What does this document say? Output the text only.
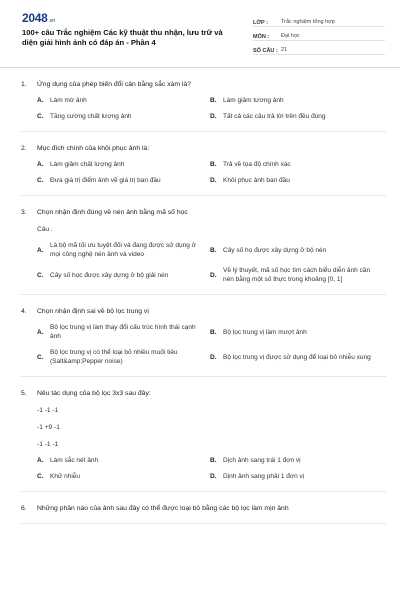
2048.vn
100+ câu Trắc nghiệm Các kỹ thuật thu nhận, lưu trữ và diện giải hình ảnh có đáp án - Phần 4
LỚP :	Trắc nghiệm tổng hợp
MÔN :	Đại học
SỐ CÂU : 21
1.	Ứng dụng của phép biến đổi cân bằng sắc xám là?
A.	Làm mờ ảnh	B.	Làm giảm tương ảnh
C.	Tăng cường chất lượng ảnh	D.	Tất cả các câu trả lời trên đều đúng
2.	Mục đích chính của khôi phục ảnh là:
A.	Làm giảm chất lượng ảnh	B.	Trả về tọa độ chính xác
C.	Đưa giá trị điểm ảnh về giá trị ban đầu	D.	Khôi phục ảnh ban đầu
3.	Chọn nhận định đúng về nén ảnh bằng mã số học
Câu .
A.
Là bộ mã tối ưu tuyệt đối và đang được sử dụng ở mọi công nghệ nén ảnh và video
B.	Cây số họ được xây dựng ở bộ nén
C.	Cây số học được xây dựng ở bộ giải nén	D.
Về lý thuyết, mã số học tìm cách biểu diễn ảnh cần nén bằng một số thực trong khoảng [0, 1]
4.	Chọn nhận định sai về bộ lọc trung vị
A.
Bộ lọc trung vị làm thay đổi cấu trúc hình thái cạnh ảnh
B.	Bộ lọc trung vị làm mượt ảnh
C.
Bộ lọc trung vị có thể loại bỏ nhiều muối tiêu (Salt&amp;Pepper noise)
D.	Bộ lọc trung vị được sử dụng để loại bỏ nhiễu xung
5.	Nêu tác dụng của bộ lọc 3x3 sau đây:
-1 -1 -1
-1 +9 -1
-1 -1 -1
A.	Làm sắc nét ảnh	B.	Dịch ảnh sang trái 1 đơn vị
C.	Khử nhiễu	D.	Dịnh ảnh sang phải 1 đơn vị
6.	Những phần nào của ảnh sau đây có thể được loại bỏ bằng các bộ lọc làm mịn ảnh
